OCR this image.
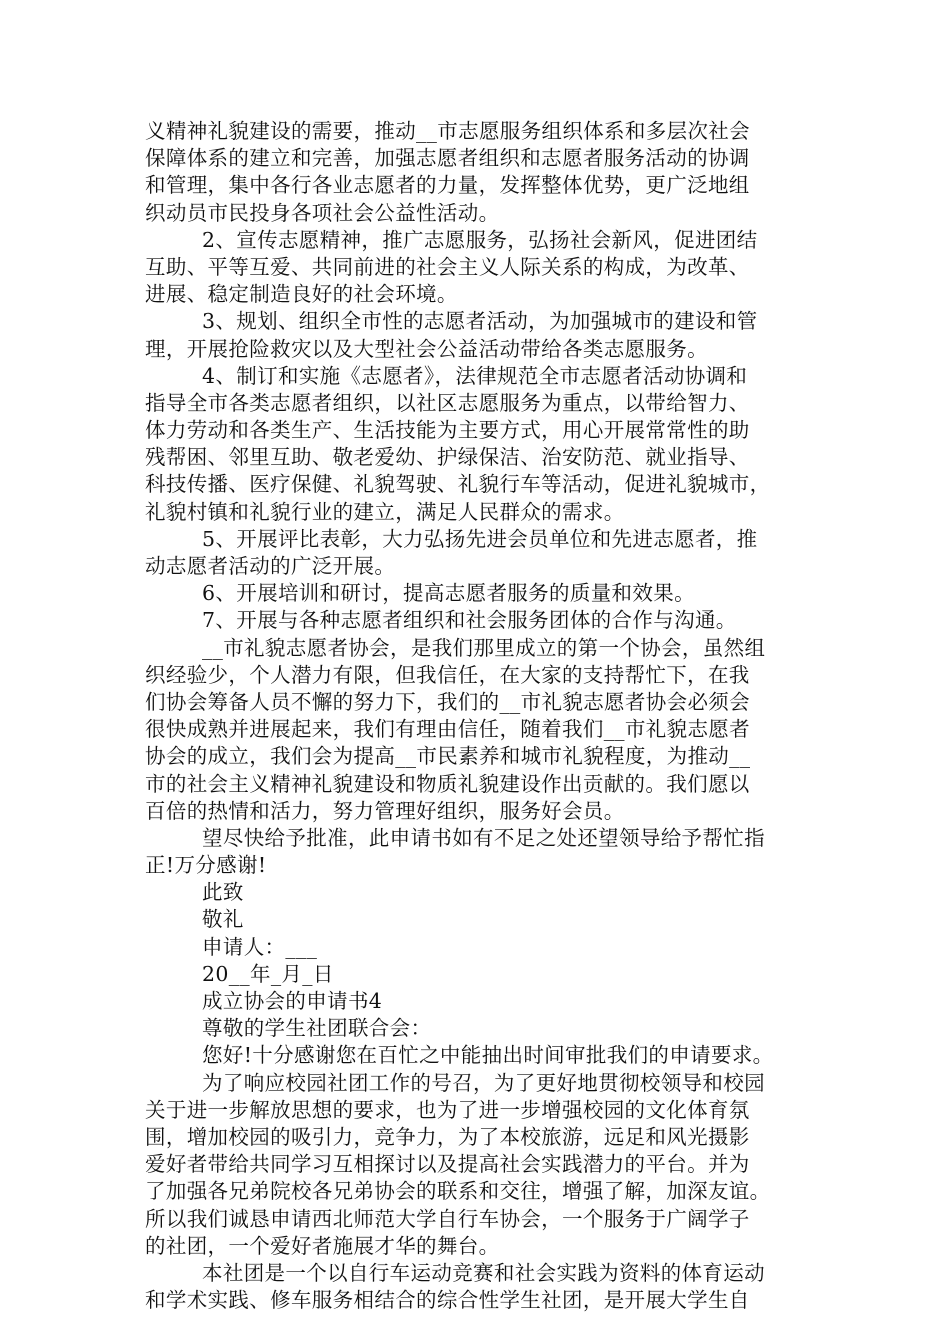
义精神礼貌建设的需要，推动__市志愿服务组织体系和多层次社会
保障体系的建立和完善，加强志愿者组织和志愿者服务活动的协调
和管理，集中各行各业志愿者的力量，发挥整体优势，更广泛地组
织动员市民投身各项社会公益性活动。
2、宣传志愿精神，推广志愿服务，弘扬社会新风，促进团结
互助、平等互爱、共同前进的社会主义人际关系的构成，为改革、
进展、稳定制造良好的社会环境。
3、规划、组织全市性的志愿者活动，为加强城市的建设和管
理，开展抢险救灾以及大型社会公益活动带给各类志愿服务。
4、制订和实施《志愿者》，法律规范全市志愿者活动协调和
指导全市各类志愿者组织，以社区志愿服务为重点，以带给智力、
体力劳动和各类生产、生活技能为主要方式，用心开展常常性的助
残帮困、邻里互助、敬老爱幼、护绿保洁、治安防范、就业指导、
科技传播、医疗保健、礼貌驾驶、礼貌行车等活动，促进礼貌城市，
礼貌村镇和礼貌行业的建立，满足人民群众的需求。
5、开展评比表彰，大力弘扬先进会员单位和先进志愿者，推
动志愿者活动的广泛开展。
6、开展培训和研讨，提高志愿者服务的质量和效果。
7、开展与各种志愿者组织和社会服务团体的合作与沟通。
__市礼貌志愿者协会，是我们那里成立的第一个协会，虽然组
织经验少，个人潜力有限，但我信任，在大家的支持帮忙下，在我
们协会筹备人员不懈的努力下，我们的__市礼貌志愿者协会必须会
很快成熟并进展起来，我们有理由信任，随着我们__市礼貌志愿者
协会的成立，我们会为提高__市民素养和城市礼貌程度，为推动__
市的社会主义精神礼貌建设和物质礼貌建设作出贡献的。我们愿以
百倍的热情和活力，努力管理好组织，服务好会员。
望尽快给予批准，此申请书如有不足之处还望领导给予帮忙指
正!万分感谢!
此致
敬礼
申请人：___
20__年_月_日
成立协会的申请书4
尊敬的学生社团联合会：
您好!十分感谢您在百忙之中能抽出时间审批我们的申请要求。
为了响应校园社团工作的号召，为了更好地贯彻校领导和校园
关于进一步解放思想的要求，也为了进一步增强校园的文化体育氛
围，增加校园的吸引力，竞争力，为了本校旅游，远足和风光摄影
爱好者带给共同学习互相探讨以及提高社会实践潜力的平台。并为
了加强各兄弟院校各兄弟协会的联系和交往，增强了解，加深友谊。
所以我们诚恳申请西北师范大学自行车协会，一个服务于广阔学子
的社团，一个爱好者施展才华的舞台。
本社团是一个以自行车运动竞赛和社会实践为资料的体育运动
和学术实践、修车服务相结合的综合性学生社团，是开展大学生自
